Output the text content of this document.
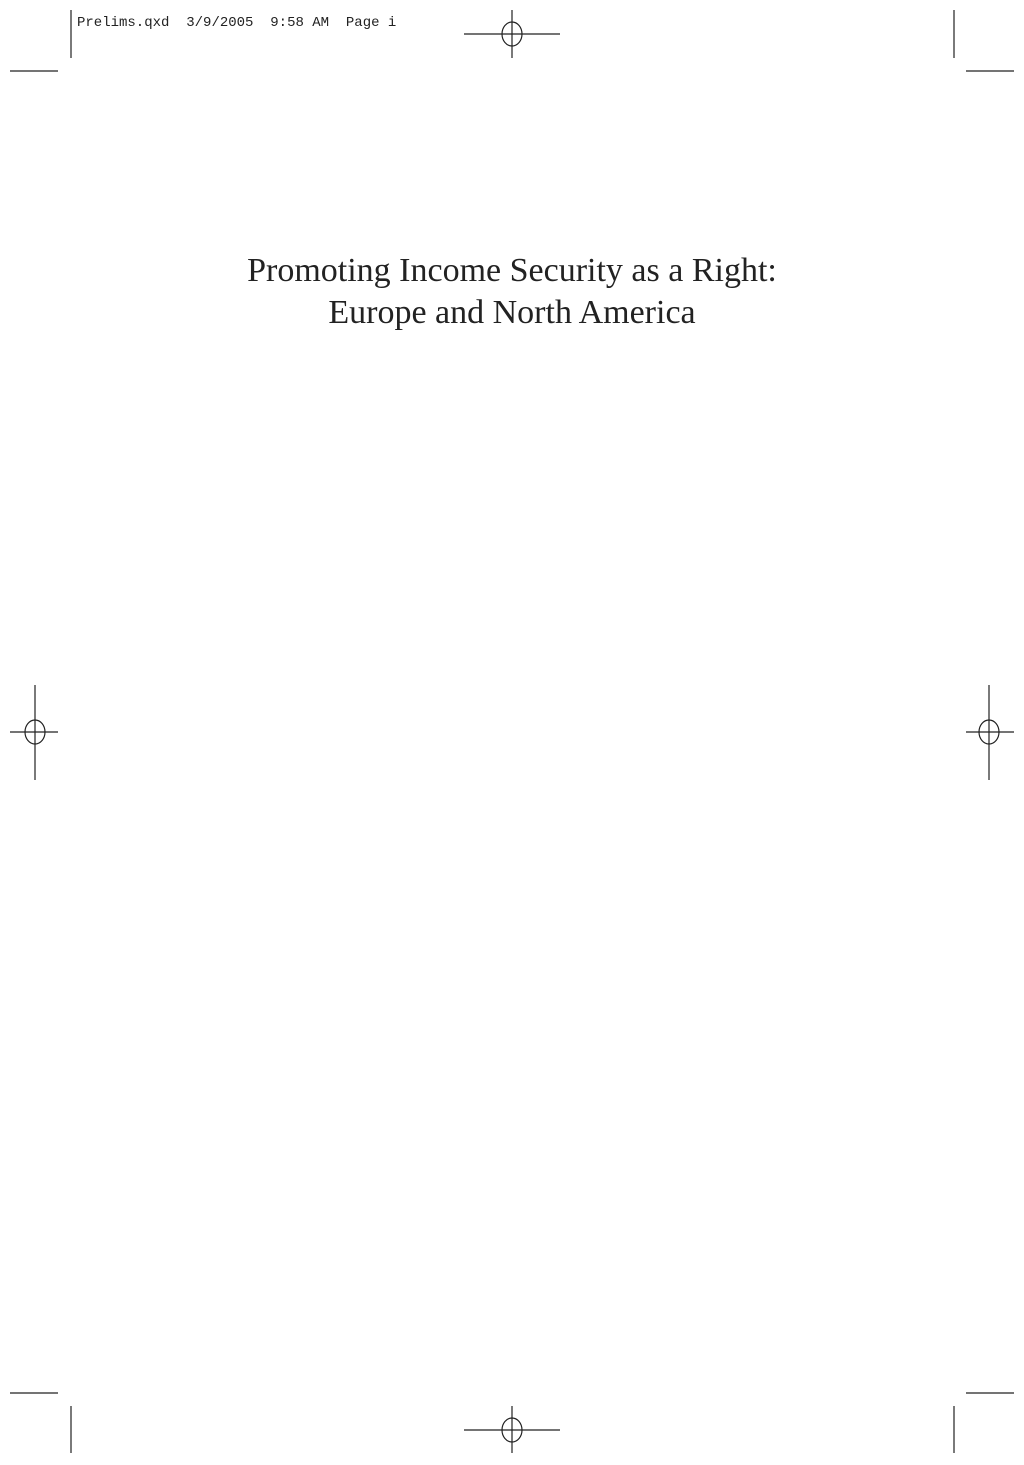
Prelims.qxd 3/9/2005 9:58 AM Page i
Promoting Income Security as a Right:
Europe and North America
